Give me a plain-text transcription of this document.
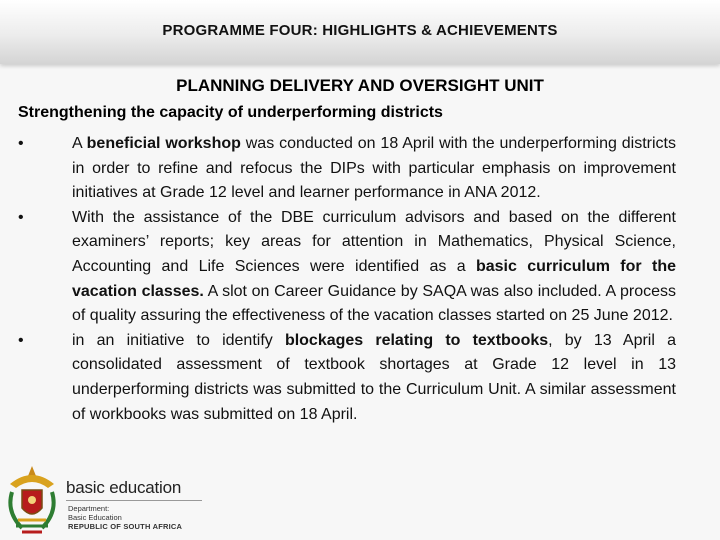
PROGRAMME FOUR: HIGHLIGHTS & ACHIEVEMENTS
PLANNING DELIVERY AND OVERSIGHT UNIT
Strengthening the capacity of underperforming districts
•	A beneficial workshop was conducted on 18 April with the underperforming districts in order to refine and refocus the DIPs with particular emphasis on improvement initiatives at Grade 12 level and learner performance in ANA 2012.
•	With the assistance of the DBE curriculum advisors and based on the different examiners’ reports; key areas for attention in Mathematics, Physical Science, Accounting and Life Sciences were identified as a basic curriculum for the vacation classes. A slot on Career Guidance by SAQA was also included. A process of quality assuring the effectiveness of the vacation classes started on 25 June 2012.
•	in an initiative to identify blockages relating to textbooks, by 13 April a consolidated assessment of textbook shortages at Grade 12 level in 13 underperforming districts was submitted to the Curriculum Unit. A similar assessment of workbooks was submitted on 18 April.
basic education
Department:
Basic Education
REPUBLIC OF SOUTH AFRICA
